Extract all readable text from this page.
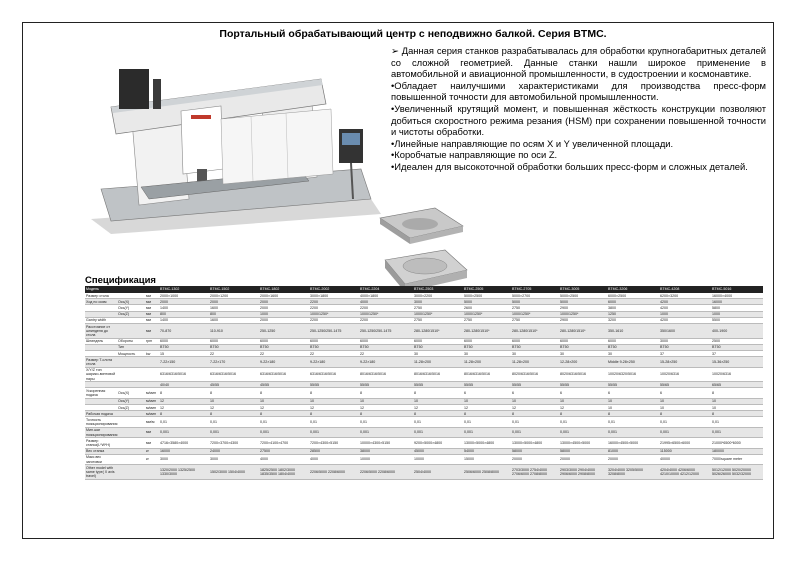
Портальный обрабатывающий центр с неподвижно балкой. Серия BTMC.

➢ Данная серия станков разрабатывалась для обработки крупногабаритных деталей со сложной геометрией. Данные станки нашли широкое применение в автомобильной и авиационной промышленности, в судостроении и космонавтике.

•Обладает наилучшими характеристиками для производства пресс-форм повышенной точности для автомобильной промышленности.

•Увеличенный крутящий момент, и повышенная жёсткость конструкции позволяют добиться скоростного режима резания (HSM) при сохранении повышенной точности и чистоты обработки.

•Линейные направляющие по осям X и Y увеличенной площади.

•Коробчатые направляющие по оси Z.

•Идеален для высокоточной обработки больших пресс-форм и сложных деталей.

Спецификация
Модель			BTMC-1302	BTMC-1502	BTMC-1802	BTMC-2002	BTMC-2204	BTMC-2503	BTMC-2505	BTMC-2705	BTMC-3005	BTMC-3206	BTMC-4208	BTMC-5016
Размер стола		мм	2000×1000	2000×1200	2000×1600	3000×1800	4000×1800	3000×2200	5000×2500	5000×2700	5000×2500	6000×2500	6200×3200	16000×4000
Ход по осям	Ось(X)	мм	2000	2000	2000	2200	4000	3000	5000	5000	5000	6000	4200	16000
	Ось(Y)	мм	1400	1600	2000	2200	2200	2750	2600	2750	2900	3800	4200	5800
	Ось(Z)	мм	800	800	1000	1000/1250*	1000/1250*	1000/1250*	1000/1250*	1000/1250*	1000/1250*	1250	1000	1000
Gantry width		мм	1400	1600	2000	2200	2200	2750	2750	2750	2900	3200	4200	5500
Расстояние от шпинделя до стола		мм	70-870	110-910	250-1250	250-1250/250-1475	250-1250/250-1475	280-1280/1510*	280-1280/1510*	280-1280/1510*	280-1280/1510*	350-1610	350/1600	400-1900
Шпиндель	Обороты	rpm	6000	6000	6000	6000	6000	6000	6000	6000	6000	6000	3000	2500
	Тип		BT50	BT50	BT50	BT50	BT50	BT50	BT50	BT50	BT50	BT50	BT50	BT50
	Мощность	kw	15	22	22	22	22	30	30	30	30	30	37	37
Размер T-слота стола			7-22×150	7-22×170	9-22×180	9-22×180	9-22×180	11-28×200	11-28×200	11-28×200	12-28×200	Middle 9-28×250	15-28×250	15-36×250
X/Y/Z тип шарико-винтовой пары			6316/6316/5016	6316/6316/5016	6316/6316/5016	6316/6316/5016	8016/6316/5016	8016/6316/5016	8016/6316/5016	8020/6316/5016	8020/6316/5016	10020/6320/5016	10020/6316	10020/6316
			40/40	45/55	45/55	55/55	55/55	55/55	55/55	55/55	55/55	55/55	55/65	65/65
Ускоренная подача	Ось(X)	м/мин	8	8	8	8	8	8	6	6	6	6	6	8
	Ось(Y)	м/мин	12	10	10	10	10	10	10	10	10	10	10	10
	Ось(Z)	м/мин	12	12	12	12	12	12	12	12	12	10	10	10
Рабочая подача		м/мин	8	8	8	8	8	8	8	8	8	8	8	8
Точность позиционирования		мм/м	0,01	0,01	0,01	0,01	0,01	0,01	0,01	0,01	0,01	0,01	0,01	0,01
Мин.шаг позиционирования		мм	0,001	0,001	0,001	0,001	0,001	0,001	0,001	0,001	0,001	0,001	0,001	0,001
Размер станка(L*W*H)		мм	4716×3580×4000	7200×3700×4300	7200×4100×4700	7200×4300×5150	10000×4300×5150	9200×5000×4800	13000×5000×4800	13000×5000×4800	13000×4500×5000	16000×4500×5000	21995×6500×6000	21000*6500*6000
Вес станка		кг	16000	24000	27500	28500	38000	45000	54000	58000	58000	81000	115000	180000
Макс.вес заготовки		кг	3000	3000	4000	4000	10000	10000	15000	20000	20000	20000	40000	7000/square meter
Other model with same type( X axis travel)			1320/2000 1325/2500 1330/3000	1502/3000 1504/4000	1825/2500 1802/3000 1835/3500 1804/4000	2206/5000 2208/6000	2206/5000 2208/6000	2504/4000	2506/6000 2508/8000	2703/3000 2754/4000 2706/6000 2708/8000	2903/3000 2904/4000 2906/6000 2908/8000	3204/4000 3205/5000 3208/8000	4204/4000 4206/6000 4210/10000 4212/12000	5012/12000 5020/20000 5026/26000 5032/32000
